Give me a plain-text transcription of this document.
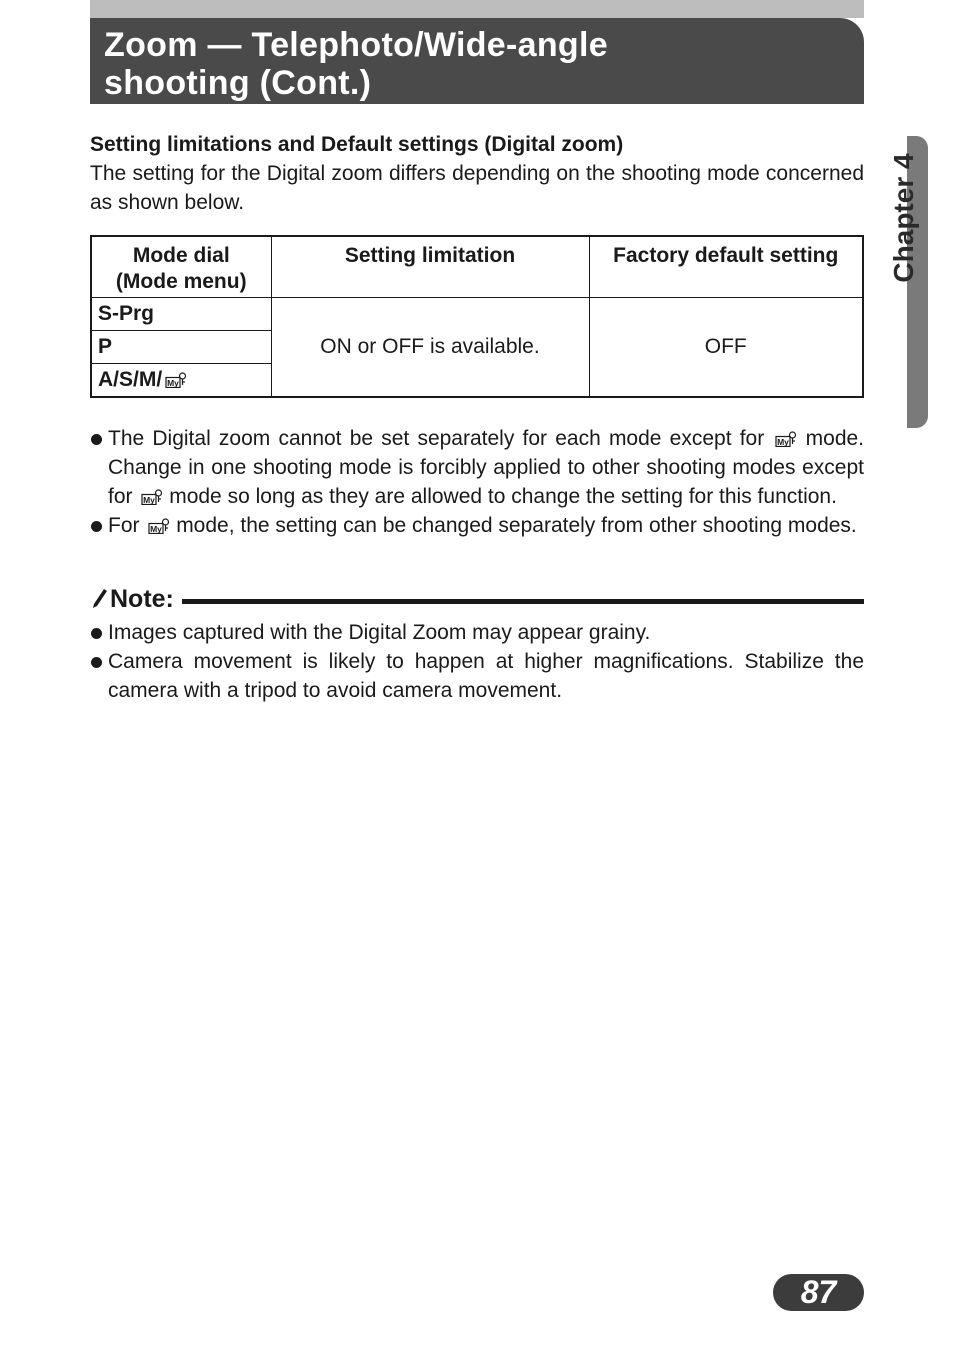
Zoom — Telephoto/Wide-angle
shooting (Cont.)
Chapter 4

Setting limitations and Default settings (Digital zoom)

The setting for the Digital zoom differs depending on the shooting mode concerned as shown below.

Mode dial
(Mode menu)	Setting limitation	Factory default setting
S-Prg	ON or OFF is available.	OFF
P		
A/S/M/		
The Digital zoom cannot be set separately for each mode except for mode. Change in one shooting mode is forcibly applied to other shooting modes except for mode so long as they are allowed to change the setting for this function.
For mode, the setting can be changed separately from other shooting modes.
Note:
Images captured with the Digital Zoom may appear grainy.
Camera movement is likely to happen at higher magnifications. Stabilize the camera with a tripod to avoid camera movement.
87
